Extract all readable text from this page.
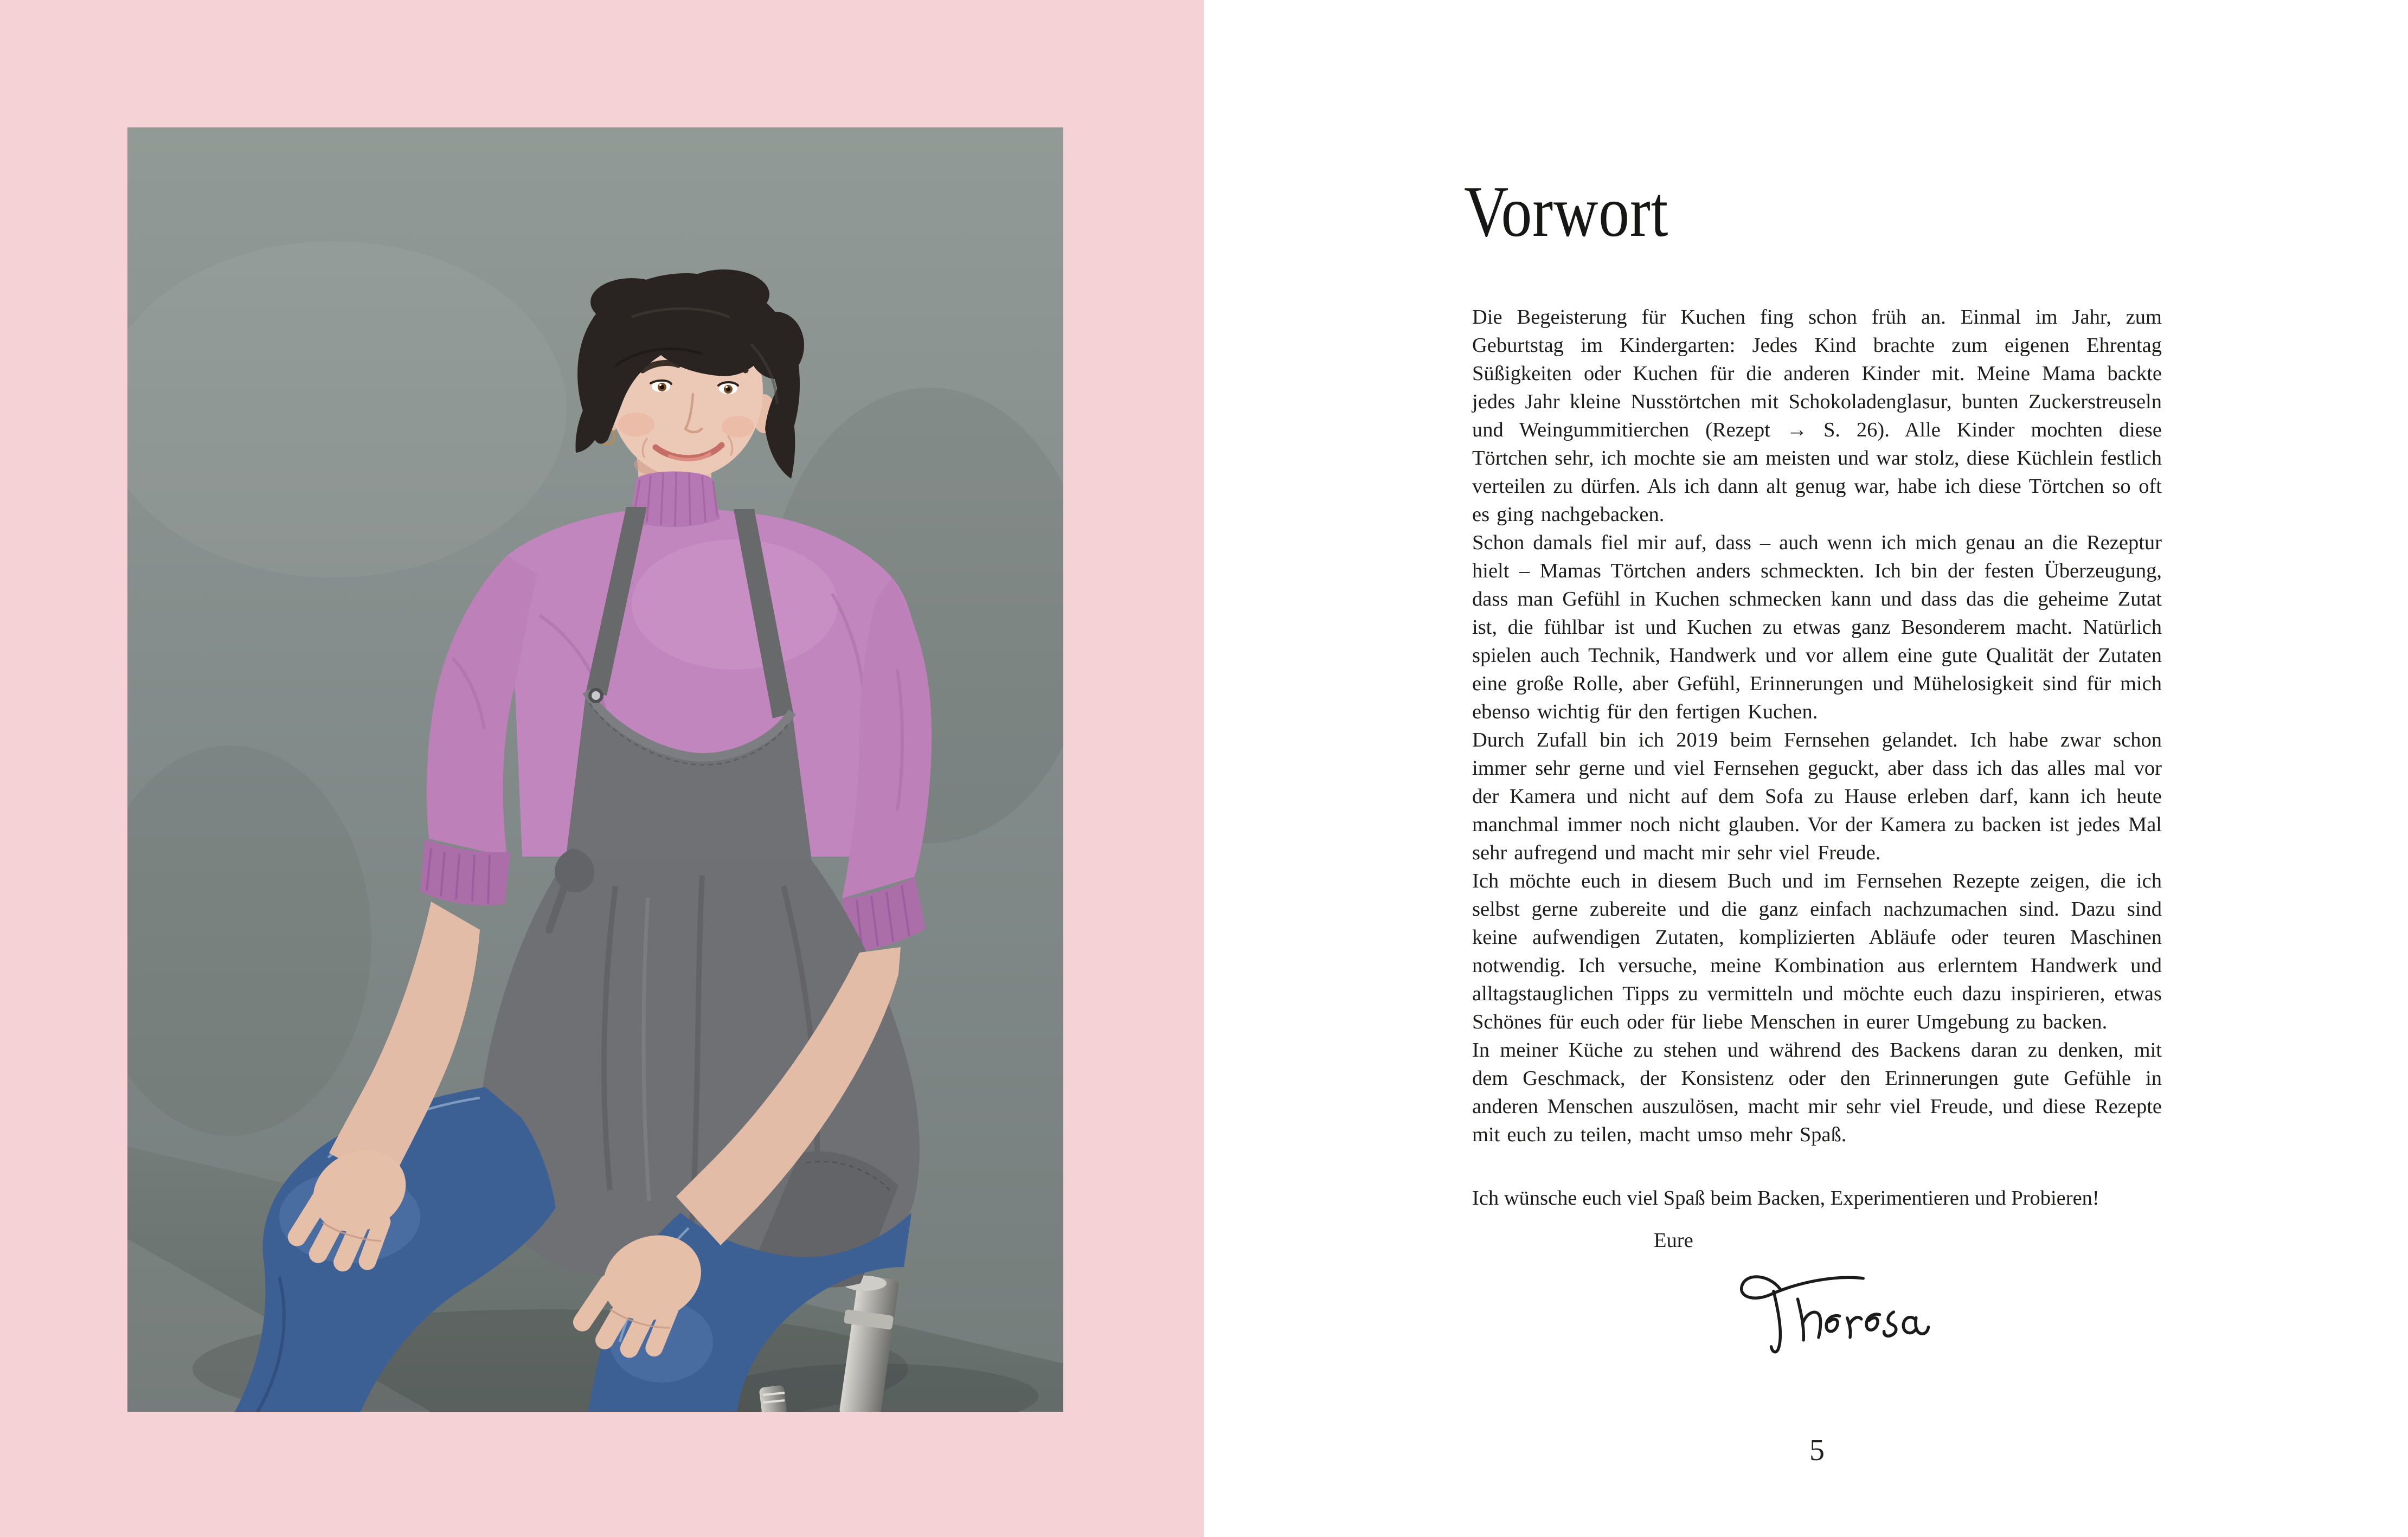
Vorwort

Die Begeisterung für Kuchen fing schon früh an. Einmal im Jahr, zum Geburtstag im Kindergarten: Jedes Kind brachte zum eigenen Ehrentag Süßigkeiten oder Kuchen für die anderen Kinder mit. Meine Mama backte jedes Jahr kleine Nusstörtchen mit Schokoladenglasur, bunten Zuckerstreuseln und Weingummitierchen (Rezept → S. 26). Alle Kinder mochten diese Törtchen sehr, ich mochte sie am meisten und war stolz, diese Küchlein festlich verteilen zu dürfen. Als ich dann alt genug war, habe ich diese Törtchen so oft es ging nachgebacken.

Schon damals fiel mir auf, dass – auch wenn ich mich genau an die Rezeptur hielt – Mamas Törtchen anders schmeckten. Ich bin der festen Überzeugung, dass man Gefühl in Kuchen schmecken kann und dass das die geheime Zutat ist, die fühlbar ist und Kuchen zu etwas ganz Besonderem macht. Natürlich spielen auch Technik, Handwerk und vor allem eine gute Qualität der Zutaten eine große Rolle, aber Gefühl, Erinnerungen und Mühelosigkeit sind für mich ebenso wichtig für den fertigen Kuchen.

Durch Zufall bin ich 2019 beim Fernsehen gelandet. Ich habe zwar schon immer sehr gerne und viel Fernsehen geguckt, aber dass ich das alles mal vor der Kamera und nicht auf dem Sofa zu Hause erleben darf, kann ich heute manchmal immer noch nicht glauben. Vor der Kamera zu backen ist jedes Mal sehr aufregend und macht mir sehr viel Freude.

Ich möchte euch in diesem Buch und im Fernsehen Rezepte zeigen, die ich selbst gerne zubereite und die ganz einfach nachzumachen sind. Dazu sind keine aufwendigen Zutaten, komplizierten Abläufe oder teuren Maschinen notwendig. Ich versuche, meine Kombination aus erlerntem Handwerk und alltagstauglichen Tipps zu vermitteln und möchte euch dazu inspirieren, etwas Schönes für euch oder für liebe Menschen in eurer Umgebung zu backen.

In meiner Küche zu stehen und während des Backens daran zu denken, mit dem Geschmack, der Konsistenz oder den Erinnerungen gute Gefühle in anderen Menschen auszulösen, macht mir sehr viel Freude, und diese Rezepte mit euch zu teilen, macht umso mehr Spaß.

Ich wünsche euch viel Spaß beim Backen, Experimentieren und Probieren!
Eure
5
